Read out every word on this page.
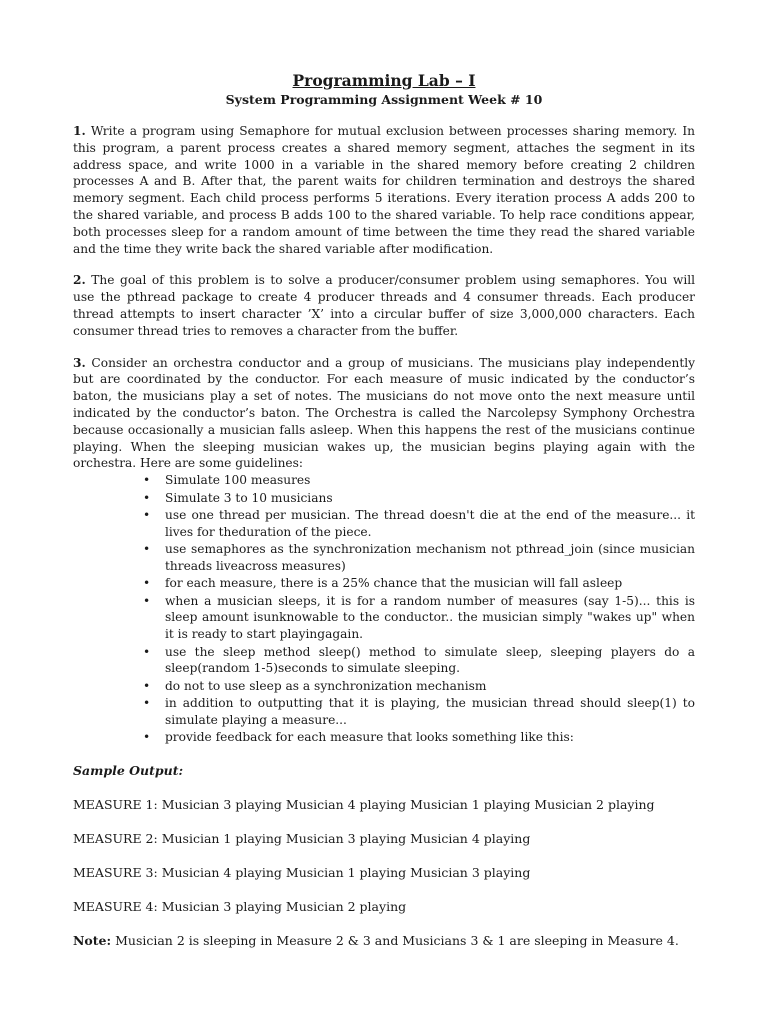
Programming Lab – I
System Programming Assignment Week # 10

1. Write a program using Semaphore for mutual exclusion between processes sharing memory. In this program, a parent process creates a shared memory segment, attaches the segment in its address space, and write 1000 in a variable in the shared memory before creating 2 children processes A and B. After that, the parent waits for children termination and destroys the shared memory segment. Each child process performs 5 iterations. Every iteration process A adds 200 to the shared variable, and process B adds 100 to the shared variable. To help race conditions appear, both processes sleep for a random amount of time between the time they read the shared variable and the time they write back the shared variable after modification.

2. The goal of this problem is to solve a producer/consumer problem using semaphores. You will use the pthread package to create 4 producer threads and 4 consumer threads. Each producer thread attempts to insert character ’X’ into a circular buffer of size 3,000,000 characters. Each consumer thread tries to removes a character from the buffer.

3. Consider an orchestra conductor and a group of musicians. The musicians play independently but are coordinated by the conductor. For each measure of music indicated by the conductor’s baton, the musicians play a set of notes. The musicians do not move onto the next measure until indicated by the conductor’s baton. The Orchestra is called the Narcolepsy Symphony Orchestra because occasionally a musician falls asleep. When this happens the rest of the musicians continue playing. When the sleeping musician wakes up, the musician begins playing again with the orchestra. Here are some guidelines:

• Simulate 100 measures
• Simulate 3 to 10 musicians
• use one thread per musician. The thread doesn't die at the end of the measure... it lives for theduration of the piece.
• use semaphores as the synchronization mechanism not pthread_join (since musician threads liveacross measures)
• for each measure, there is a 25% chance that the musician will fall asleep
• when a musician sleeps, it is for a random number of measures (say 1-5)... this is sleep amount isunknowable to the conductor.. the musician simply "wakes up" when it is ready to start playingagain.
• use the sleep method sleep() method to simulate sleep, sleeping players do a sleep(random 1-5)seconds to simulate sleeping.
• do not to use sleep as a synchronization mechanism
• in addition to outputting that it is playing, the musician thread should sleep(1) to simulate playing a measure...
• provide feedback for each measure that looks something like this:
Sample Output:
MEASURE 1: Musician 3 playing Musician 4 playing Musician 1 playing Musician 2 playing
MEASURE 2: Musician 1 playing Musician 3 playing Musician 4 playing
MEASURE 3: Musician 4 playing Musician 1 playing Musician 3 playing
MEASURE 4: Musician 3 playing Musician 2 playing
Note: Musician 2 is sleeping in Measure 2 & 3 and Musicians 3 & 1 are sleeping in Measure 4.
